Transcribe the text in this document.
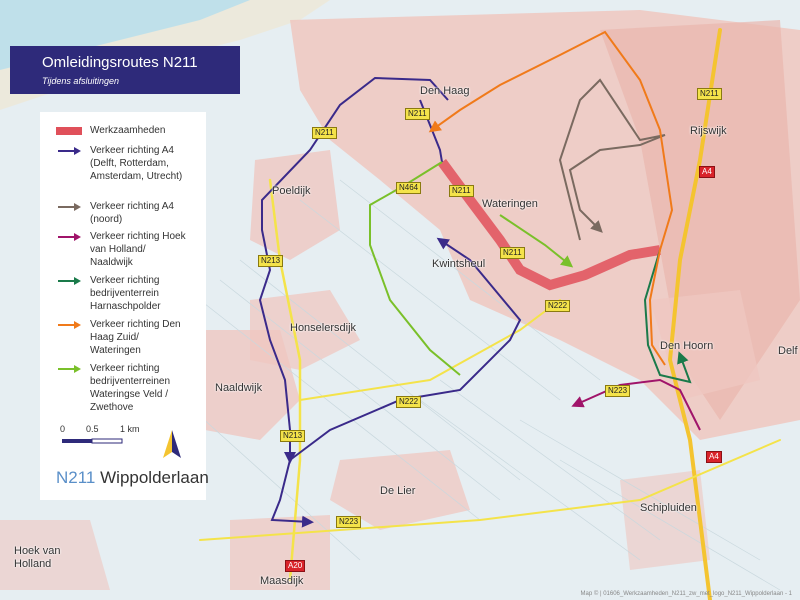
Omleidingsroutes N211
Tijdens afsluitingen
Werkzaamheden
Verkeer richting A4
(Delft, Rotterdam,
Amsterdam, Utrecht)
Verkeer richting A4
(noord)
Verkeer richting Hoek
van Holland/
Naaldwijk
Verkeer richting
bedrijventerrein
Harnaschpolder
Verkeer richting Den
Haag Zuid/
Wateringen
Verkeer richting
bedrijventerreinen
Wateringse Veld /
Zwethove
0 0.5 1 km
N211 Wippolderlaan
Den Haag
Rijswijk
Poeldijk
Wateringen
Kwintsheul
Honselersdijk
Naaldwijk
Den Hoorn	Delf
De Lier
Schipluiden
Hoek van
Holland
Maasdijk
N211
N211
N211
N211
N211
N464
N213
N213
N222
N222
N223
N223
A4
A4
A20
Map © | 01606_Werkzaamheden_N211_zw_met_logo_N211_Wippolderlaan - 1
